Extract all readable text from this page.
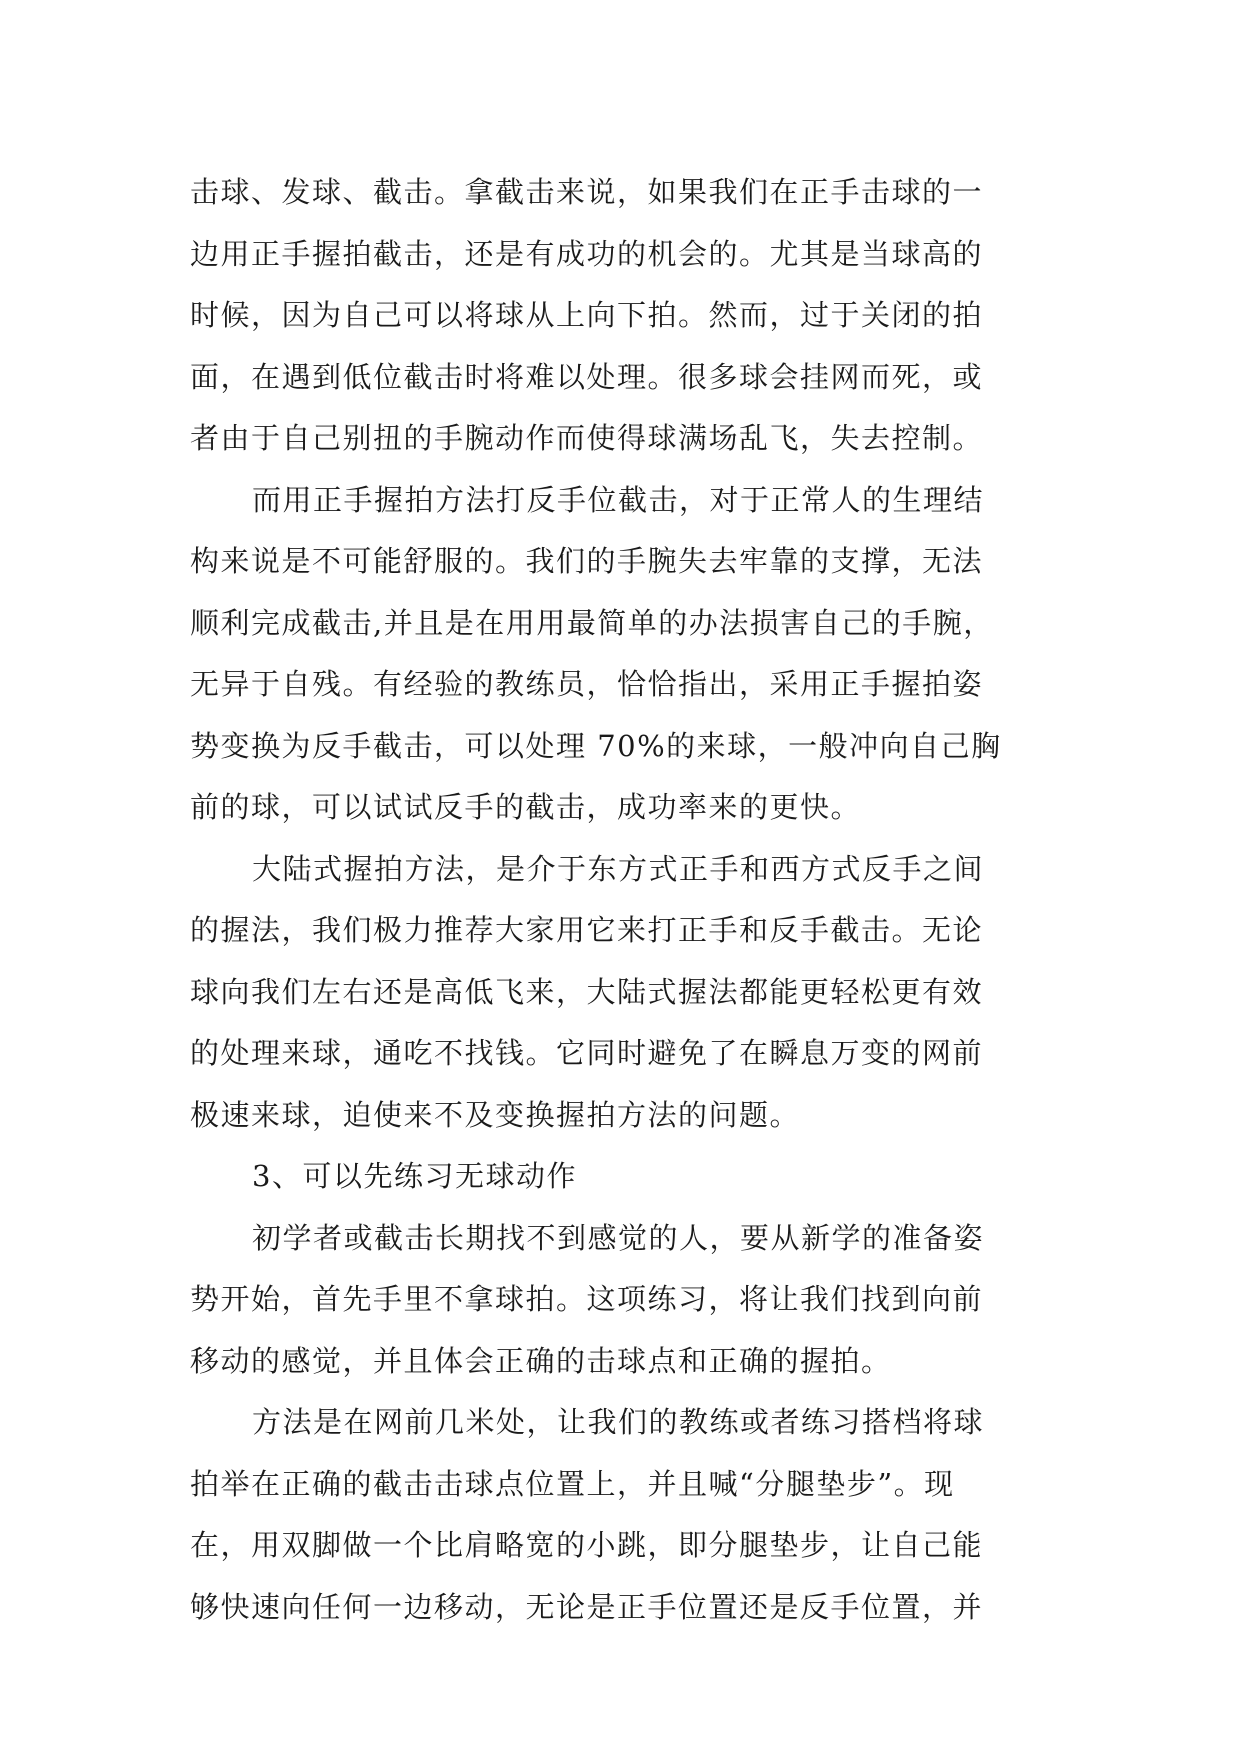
击球、发球、截击。拿截击来说，如果我们在正手击球的一
边用正手握拍截击，还是有成功的机会的。尤其是当球高的
时候，因为自己可以将球从上向下拍。然而，过于关闭的拍
面，在遇到低位截击时将难以处理。很多球会挂网而死，或
者由于自己别扭的手腕动作而使得球满场乱飞，失去控制。
而用正手握拍方法打反手位截击，对于正常人的生理结
构来说是不可能舒服的。我们的手腕失去牢靠的支撑，无法
顺利完成截击,并且是在用用最简单的办法损害自己的手腕，
无异于自残。有经验的教练员，恰恰指出，采用正手握拍姿
势变换为反手截击，可以处理 70%的来球，一般冲向自己胸
前的球，可以试试反手的截击，成功率来的更快。
大陆式握拍方法，是介于东方式正手和西方式反手之间
的握法，我们极力推荐大家用它来打正手和反手截击。无论
球向我们左右还是高低飞来，大陆式握法都能更轻松更有效
的处理来球，通吃不找钱。它同时避免了在瞬息万变的网前
极速来球，迫使来不及变换握拍方法的问题。
3、可以先练习无球动作
初学者或截击长期找不到感觉的人，要从新学的准备姿
势开始，首先手里不拿球拍。这项练习，将让我们找到向前
移动的感觉，并且体会正确的击球点和正确的握拍。
方法是在网前几米处，让我们的教练或者练习搭档将球
拍举在正确的截击击球点位置上，并且喊“分腿垫步”。现
在，用双脚做一个比肩略宽的小跳，即分腿垫步，让自己能
够快速向任何一边移动，无论是正手位置还是反手位置，并
